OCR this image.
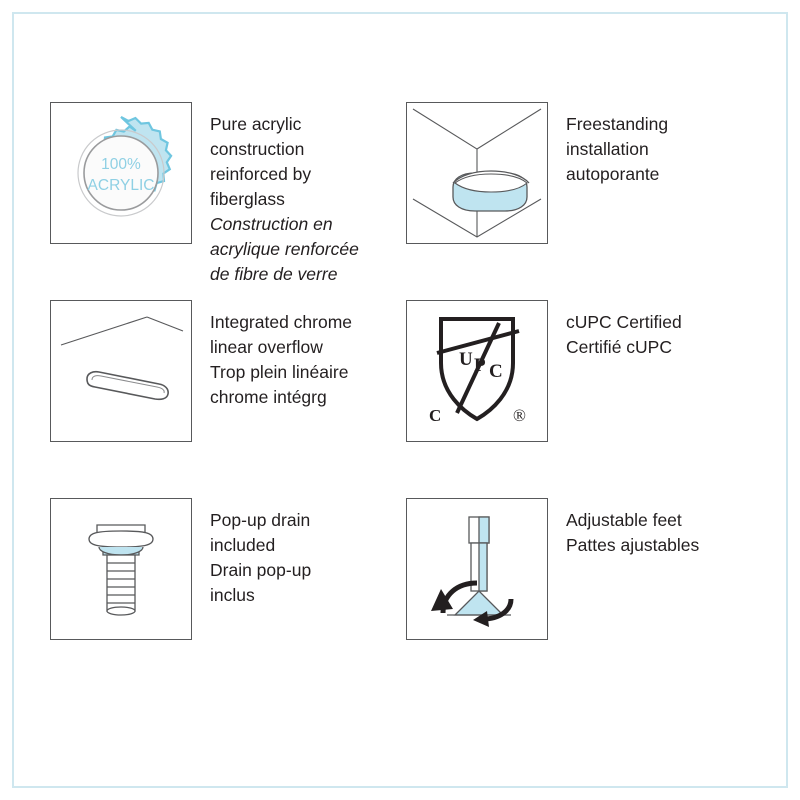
100%
ACRYLIC
Pure acrylic
construction
reinforced by
fiberglass
Construction en
acrylique renforcée
de fibre de verre
Freestanding
installation
autoporante
Integrated chrome
linear overflow
Trop plein linéaire
chrome intégrg
U P C
C	®
cUPC Certified
Certifié cUPC
Pop-up drain
included
Drain pop-up
inclus
Adjustable feet
Pattes ajustables
